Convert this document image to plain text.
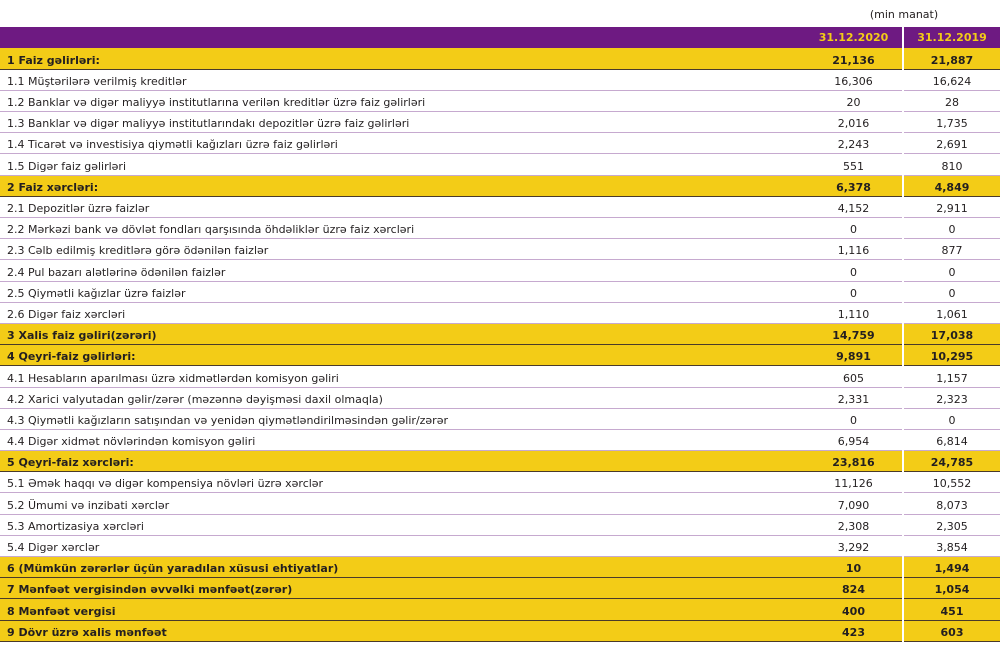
(min manat)
	31.12.2020	31.12.2019
1 Faiz gəlirləri:	21,136	21,887
1.1 Müştərilərə verilmiş kreditlər	16,306	16,624
1.2 Banklar və digər maliyyə institutlarına verilən kreditlər üzrə faiz gəlirləri	20	28
1.3 Banklar və digər maliyyə institutlarındakı depozitlər üzrə faiz gəlirləri	2,016	1,735
1.4 Ticarət və investisiya qiymətli kağızları üzrə faiz gəlirləri	2,243	2,691
1.5 Digər faiz gəlirləri	551	810
2 Faiz xərcləri:	6,378	4,849
2.1 Depozitlər üzrə faizlər	4,152	2,911
2.2 Mərkəzi bank və dövlət fondları qarşısında öhdəliklər üzrə faiz xərcləri	0	0
2.3 Cəlb edilmiş kreditlərə görə ödənilən faizlər	1,116	877
2.4 Pul bazarı alətlərinə ödənilən faizlər	0	0
2.5 Qiymətli kağızlar üzrə faizlər	0	0
2.6 Digər faiz xərcləri	1,110	1,061
3 Xalis faiz gəliri(zərəri)	14,759	17,038
4 Qeyri-faiz gəlirləri:	9,891	10,295
4.1 Hesabların aparılması üzrə xidmətlərdən komisyon gəliri	605	1,157
4.2 Xarici valyutadan gəlir/zərər (məzənnə dəyişməsi daxil olmaqla)	2,331	2,323
4.3 Qiymətli kağızların satışından və yenidən qiymətləndirilməsindən gəlir/zərər	0	0
4.4 Digər xidmət növlərindən komisyon gəliri	6,954	6,814
5 Qeyri-faiz xərcləri:	23,816	24,785
5.1 Əmək haqqı və digər kompensiya növləri üzrə xərclər	11,126	10,552
5.2 Ümumi və inzibati xərclər	7,090	8,073
5.3 Amortizasiya xərcləri	2,308	2,305
5.4 Digər xərclər	3,292	3,854
6 (Mümkün zərərlər üçün yaradılan xüsusi ehtiyatlar)	10	1,494
7 Mənfəət vergisindən əvvəlki mənfəət(zərər)	824	1,054
8 Mənfəət vergisi	400	451
9 Dövr üzrə xalis mənfəət	423	603
